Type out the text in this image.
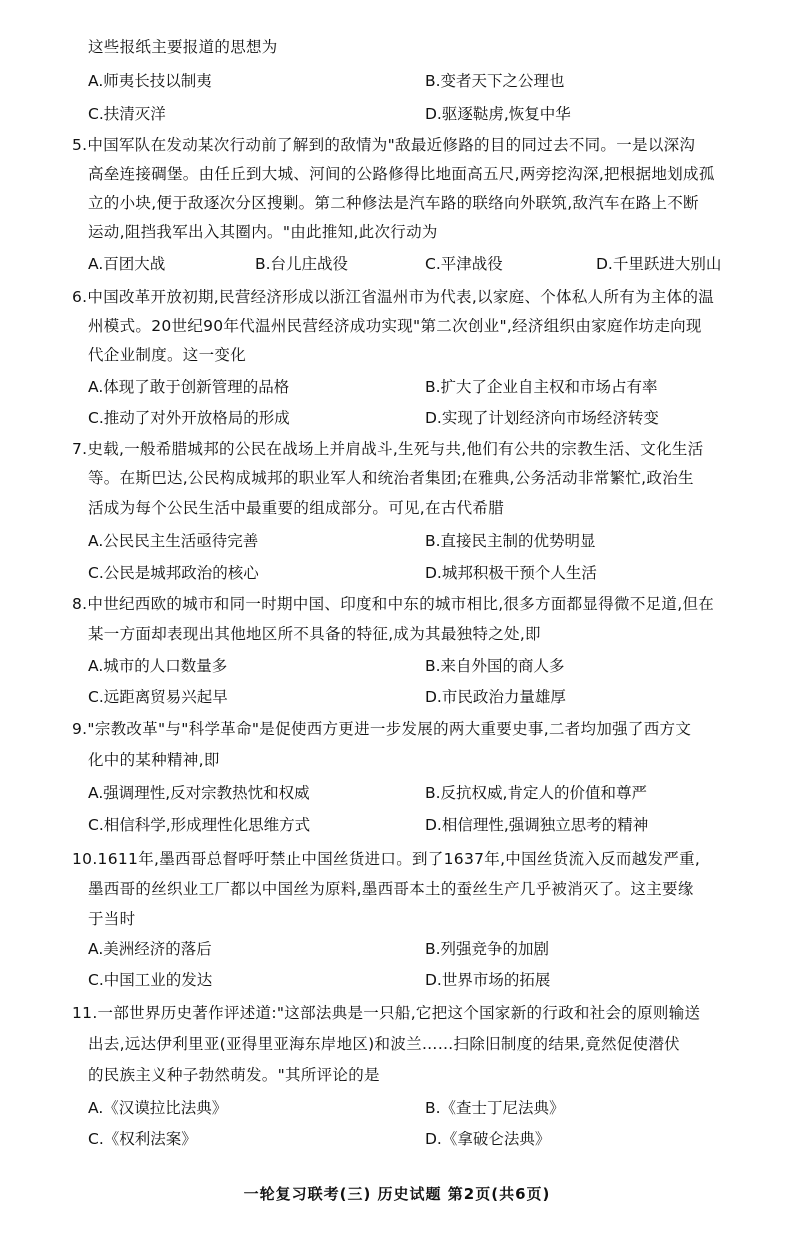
这些报纸主要报道的思想为
A.师夷长技以制夷	B.变者天下之公理也
C.扶清灭洋	D.驱逐鞑虏,恢复中华
5.中国军队在发动某次行动前了解到的敌情为"敌最近修路的目的同过去不同。一是以深沟
高垒连接碉堡。由任丘到大城、河间的公路修得比地面高五尺,两旁挖沟深,把根据地划成孤
立的小块,便于敌逐次分区搜剿。第二种修法是汽车路的联络向外联筑,敌汽车在路上不断
运动,阻挡我军出入其圈内。"由此推知,此次行动为
A.百团大战	B.台儿庄战役	C.平津战役	D.千里跃进大别山
6.中国改革开放初期,民营经济形成以浙江省温州市为代表,以家庭、个体私人所有为主体的温
州模式。20世纪90年代温州民营经济成功实现"第二次创业",经济组织由家庭作坊走向现
代企业制度。这一变化
A.体现了敢于创新管理的品格	B.扩大了企业自主权和市场占有率
C.推动了对外开放格局的形成	D.实现了计划经济向市场经济转变
7.史载,一般希腊城邦的公民在战场上并肩战斗,生死与共,他们有公共的宗教生活、文化生活
等。在斯巴达,公民构成城邦的职业军人和统治者集团;在雅典,公务活动非常繁忙,政治生
活成为每个公民生活中最重要的组成部分。可见,在古代希腊
A.公民民主生活亟待完善	B.直接民主制的优势明显
C.公民是城邦政治的核心	D.城邦积极干预个人生活
8.中世纪西欧的城市和同一时期中国、印度和中东的城市相比,很多方面都显得微不足道,但在
某一方面却表现出其他地区所不具备的特征,成为其最独特之处,即
A.城市的人口数量多	B.来自外国的商人多
C.远距离贸易兴起早	D.市民政治力量雄厚
9."宗教改革"与"科学革命"是促使西方更进一步发展的两大重要史事,二者均加强了西方文
化中的某种精神,即
A.强调理性,反对宗教热忱和权威	B.反抗权威,肯定人的价值和尊严
C.相信科学,形成理性化思维方式	D.相信理性,强调独立思考的精神
10.1611年,墨西哥总督呼吁禁止中国丝货进口。到了1637年,中国丝货流入反而越发严重,
墨西哥的丝织业工厂都以中国丝为原料,墨西哥本土的蚕丝生产几乎被消灭了。这主要缘
于当时
A.美洲经济的落后	B.列强竞争的加剧
C.中国工业的发达	D.世界市场的拓展
11.一部世界历史著作评述道:"这部法典是一只船,它把这个国家新的行政和社会的原则输送
出去,远达伊利里亚(亚得里亚海东岸地区)和波兰……扫除旧制度的结果,竟然促使潜伏
的民族主义种子勃然萌发。"其所评论的是
A.《汉谟拉比法典》	B.《查士丁尼法典》
C.《权利法案》	D.《拿破仑法典》
一轮复习联考(三) 历史试题 第2页(共6页)
